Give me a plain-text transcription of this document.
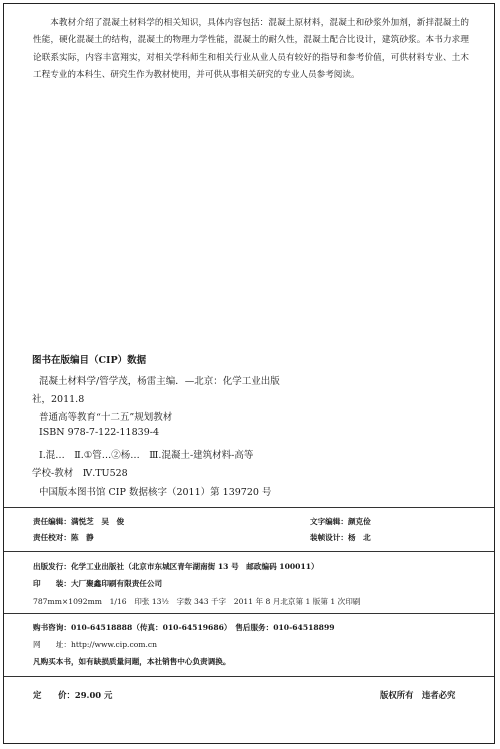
本教材介绍了混凝土材料学的相关知识，具体内容包括：混凝土原材料，混凝土和砂浆外加剂，新拌混凝土的性能，硬化混凝土的结构，混凝土的物理力学性能，混凝土的耐久性，混凝土配合比设计，建筑砂浆。本书力求理论联系实际，内容丰富翔实，对相关学科师生和相关行业从业人员有较好的指导和参考价值，可供材料专业、土木工程专业的本科生、研究生作为教材使用，并可供从事相关研究的专业人员参考阅读。

图书在版编目（CIP）数据
混凝土材料学/管学茂，杨雷主编．—北京：化学工业出版
社，2011.8
普通高等教育“十二五”规划教材
ISBN 978-7-122-11839-4
Ⅰ.混…　Ⅱ.①管…②杨…　Ⅲ.混凝土-建筑材料-高等
学校-教材　Ⅳ.TU528
中国版本图书馆 CIP 数据核字（2011）第 139720 号
责任编辑：满悦芝　吴　俊	文字编辑：颜克俭
责任校对：陈　静	装帧设计：杨　北
出版发行：化学工业出版社（北京市东城区青年湖南街 13 号　邮政编码 100011）
印　　装：大厂聚鑫印刷有限责任公司
787mm×1092mm　1/16　印张 13½　字数 343 千字　2011 年 8 月北京第 1 版第 1 次印刷
购书咨询：010-64518888（传真：010-64519686）　售后服务：010-64518899
网　　址：http://www.cip.com.cn
凡购买本书，如有缺损质量问题，本社销售中心负责调换。
定　　价：29.00 元	版权所有　违者必究
